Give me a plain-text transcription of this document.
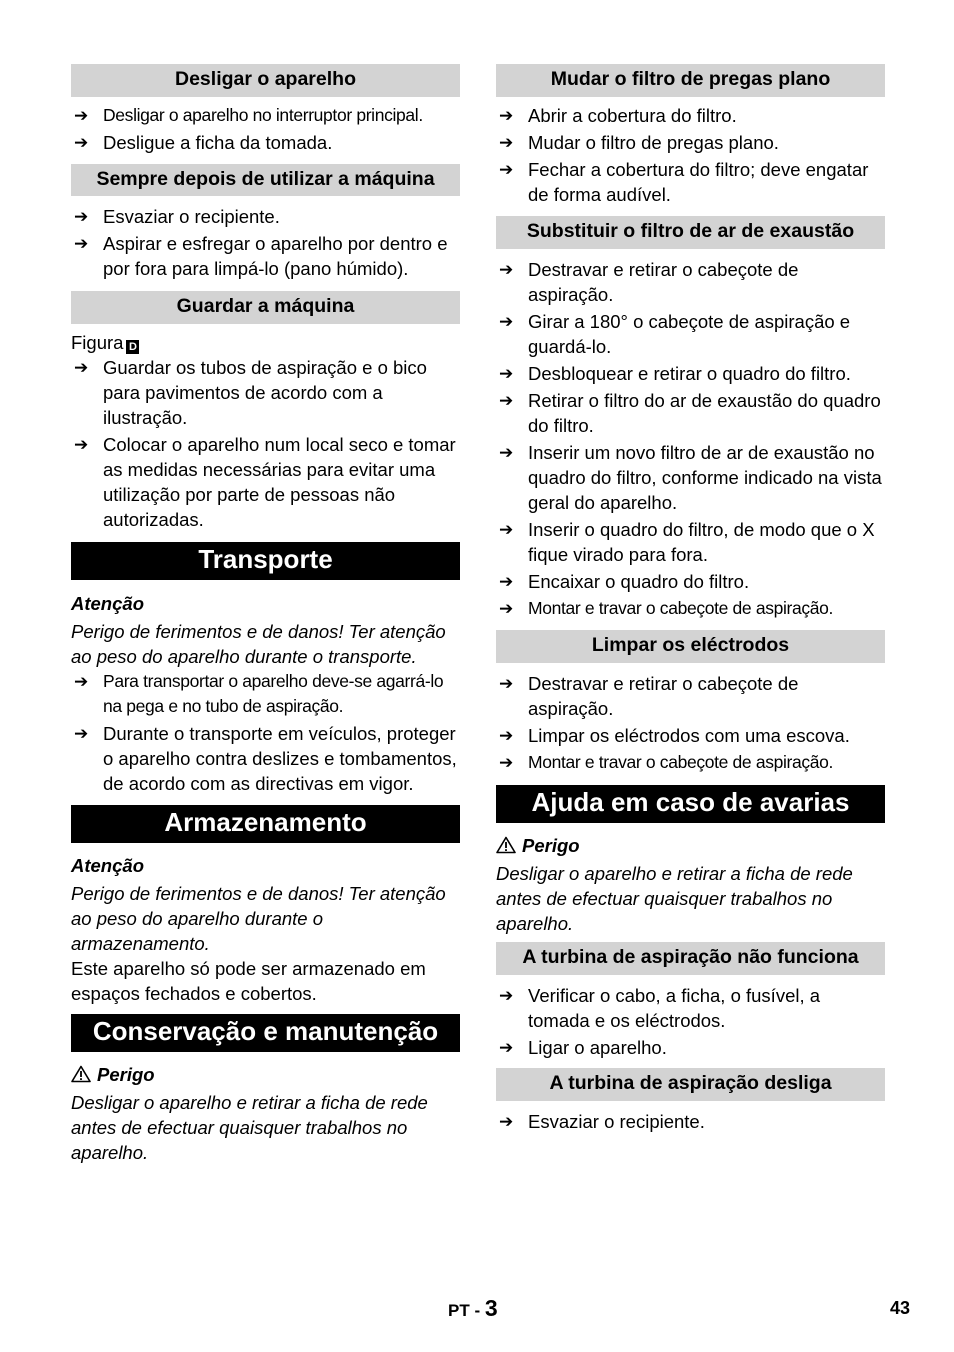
Desligar o aparelho
➔ Desligar o aparelho no interruptor principal.
➔ Desligue a ficha da tomada.
Sempre depois de utilizar a máquina
➔ Esvaziar o recipiente.
➔ Aspirar e esfregar o aparelho por dentro e por fora para limpá-lo (pano húmido).
Guardar a máquina
Figura D
➔ Guardar os tubos de aspiração e o bico para pavimentos de acordo com a ilustração.
➔ Colocar o aparelho num local seco e tomar as medidas necessárias para evitar uma utilização por parte de pessoas não autorizadas.
Transporte
Atenção
Perigo de ferimentos e de danos! Ter atenção ao peso do aparelho durante o transporte.
➔ Para transportar o aparelho deve-se agarrá-lo na pega e no tubo de aspiração.
➔ Durante o transporte em veículos, proteger o aparelho contra deslizes e tombamentos, de acordo com as directivas em vigor.
Armazenamento
Atenção
Perigo de ferimentos e de danos! Ter atenção ao peso do aparelho durante o armazenamento.
Este aparelho só pode ser armazenado em espaços fechados e cobertos.
Conservação e manutenção
Perigo
Desligar o aparelho e retirar a ficha de rede antes de efectuar quaisquer trabalhos no aparelho.
Mudar o filtro de pregas plano
➔ Abrir a cobertura do filtro.
➔ Mudar o filtro de pregas plano.
➔ Fechar a cobertura do filtro; deve engatar de forma audível.
Substituir o filtro de ar de exaustão
➔ Destravar e retirar o cabeçote de aspiração.
➔ Girar a 180° o cabeçote de aspiração e guardá-lo.
➔ Desbloquear e retirar o quadro do filtro.
➔ Retirar o filtro do ar de exaustão do quadro do filtro.
➔ Inserir um novo filtro de ar de exaustão no quadro do filtro, conforme indicado na vista geral do aparelho.
➔ Inserir o quadro do filtro, de modo que o X fique virado para fora.
➔ Encaixar o quadro do filtro.
➔ Montar e travar o cabeçote de aspiração.
Limpar os eléctrodos
➔ Destravar e retirar o cabeçote de aspiração.
➔ Limpar os eléctrodos com uma escova.
➔ Montar e travar o cabeçote de aspiração.
Ajuda em caso de avarias
Perigo
Desligar o aparelho e retirar a ficha de rede antes de efectuar quaisquer trabalhos no aparelho.
A turbina de aspiração não funciona
➔ Verificar o cabo, a ficha, o fusível, a tomada e os eléctrodos.
➔ Ligar o aparelho.
A turbina de aspiração desliga
➔ Esvaziar o recipiente.
PT - 3	43
